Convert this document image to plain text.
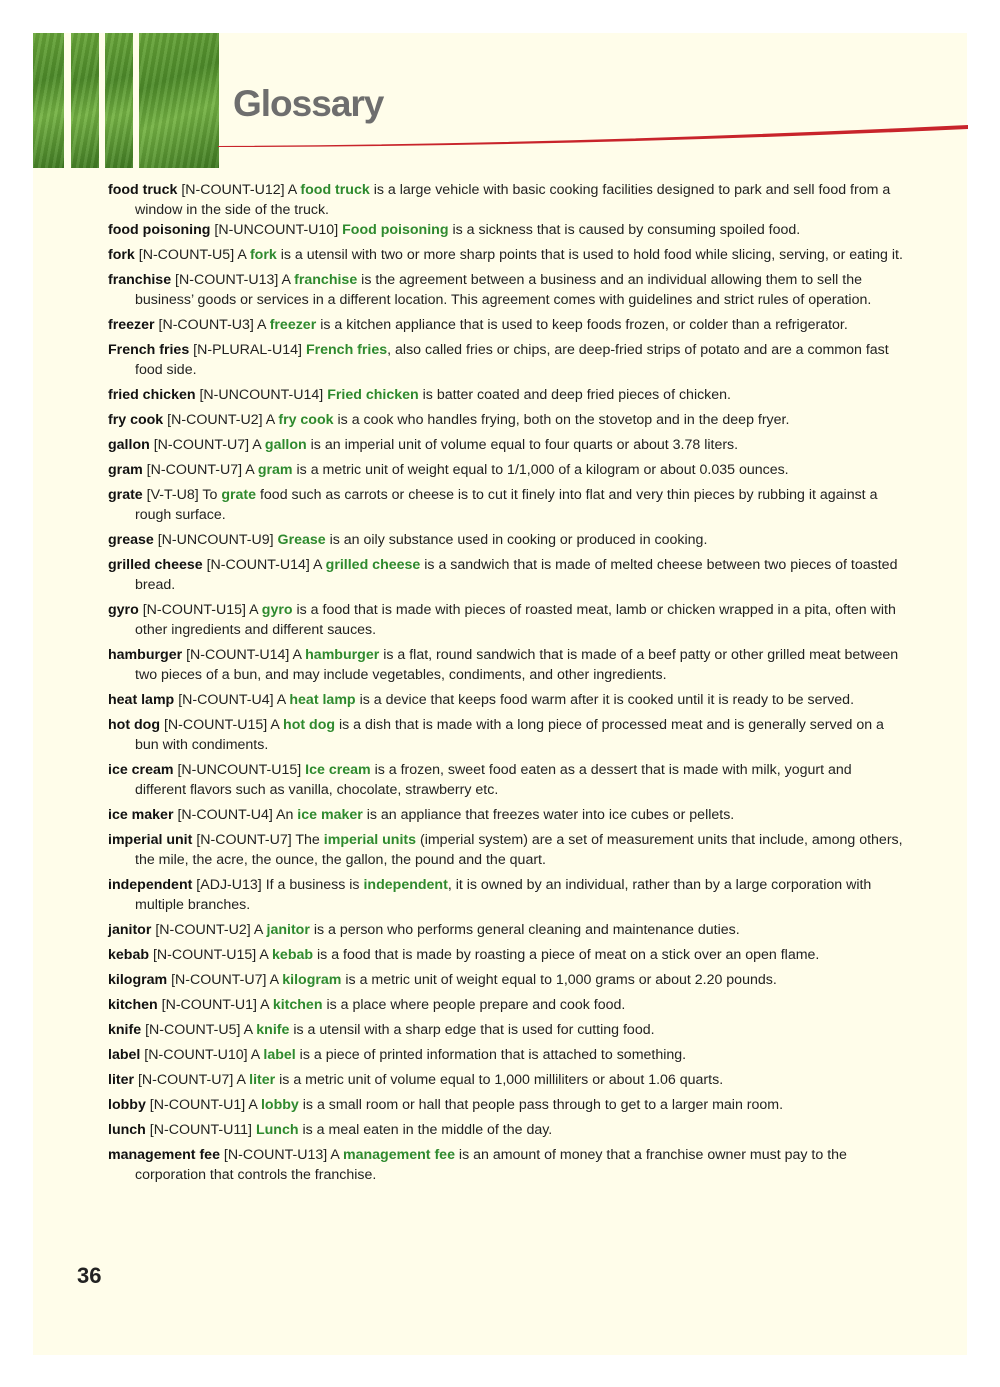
Glossary

food truck [N-COUNT-U12] A food truck is a large vehicle with basic cooking facilities designed to park and sell food from a window in the side of the truck.

food poisoning [N-UNCOUNT-U10] Food poisoning is a sickness that is caused by consuming spoiled food.

fork [N-COUNT-U5] A fork is a utensil with two or more sharp points that is used to hold food while slicing, serving, or eating it.

franchise [N-COUNT-U13] A franchise is the agreement between a business and an individual allowing them to sell the business’ goods or services in a different location. This agreement comes with guidelines and strict rules of operation.

freezer [N-COUNT-U3] A freezer is a kitchen appliance that is used to keep foods frozen, or colder than a refrigerator.

French fries [N-PLURAL-U14] French fries, also called fries or chips, are deep-fried strips of potato and are a common fast food side.

fried chicken [N-UNCOUNT-U14] Fried chicken is batter coated and deep fried pieces of chicken.

fry cook [N-COUNT-U2] A fry cook is a cook who handles frying, both on the stovetop and in the deep fryer.

gallon [N-COUNT-U7] A gallon is an imperial unit of volume equal to four quarts or about 3.78 liters.

gram [N-COUNT-U7] A gram is a metric unit of weight equal to 1/1,000 of a kilogram or about 0.035 ounces.

grate [V-T-U8] To grate food such as carrots or cheese is to cut it finely into flat and very thin pieces by rubbing it against a rough surface.

grease [N-UNCOUNT-U9] Grease is an oily substance used in cooking or produced in cooking.

grilled cheese [N-COUNT-U14] A grilled cheese is a sandwich that is made of melted cheese between two pieces of toasted bread.

gyro [N-COUNT-U15] A gyro is a food that is made with pieces of roasted meat, lamb or chicken wrapped in a pita, often with other ingredients and different sauces.

hamburger [N-COUNT-U14] A hamburger is a flat, round sandwich that is made of a beef patty or other grilled meat between two pieces of a bun, and may include vegetables, condiments, and other ingredients.

heat lamp [N-COUNT-U4] A heat lamp is a device that keeps food warm after it is cooked until it is ready to be served.

hot dog [N-COUNT-U15] A hot dog is a dish that is made with a long piece of processed meat and is generally served on a bun with condiments.

ice cream [N-UNCOUNT-U15] Ice cream is a frozen, sweet food eaten as a dessert that is made with milk, yogurt and different flavors such as vanilla, chocolate, strawberry etc.

ice maker [N-COUNT-U4] An ice maker is an appliance that freezes water into ice cubes or pellets.

imperial unit [N-COUNT-U7] The imperial units (imperial system) are a set of measurement units that include, among others, the mile, the acre, the ounce, the gallon, the pound and the quart.

independent [ADJ-U13] If a business is independent, it is owned by an individual, rather than by a large corporation with multiple branches.

janitor [N-COUNT-U2] A janitor is a person who performs general cleaning and maintenance duties.

kebab [N-COUNT-U15] A kebab is a food that is made by roasting a piece of meat on a stick over an open flame.

kilogram [N-COUNT-U7] A kilogram is a metric unit of weight equal to 1,000 grams or about 2.20 pounds.

kitchen [N-COUNT-U1] A kitchen is a place where people prepare and cook food.

knife [N-COUNT-U5] A knife is a utensil with a sharp edge that is used for cutting food.

label [N-COUNT-U10] A label is a piece of printed information that is attached to something.

liter [N-COUNT-U7] A liter is a metric unit of volume equal to 1,000 milliliters or about 1.06 quarts.

lobby [N-COUNT-U1] A lobby is a small room or hall that people pass through to get to a larger main room.

lunch [N-COUNT-U11] Lunch is a meal eaten in the middle of the day.

management fee [N-COUNT-U13] A management fee is an amount of money that a franchise owner must pay to the corporation that controls the franchise.

36
